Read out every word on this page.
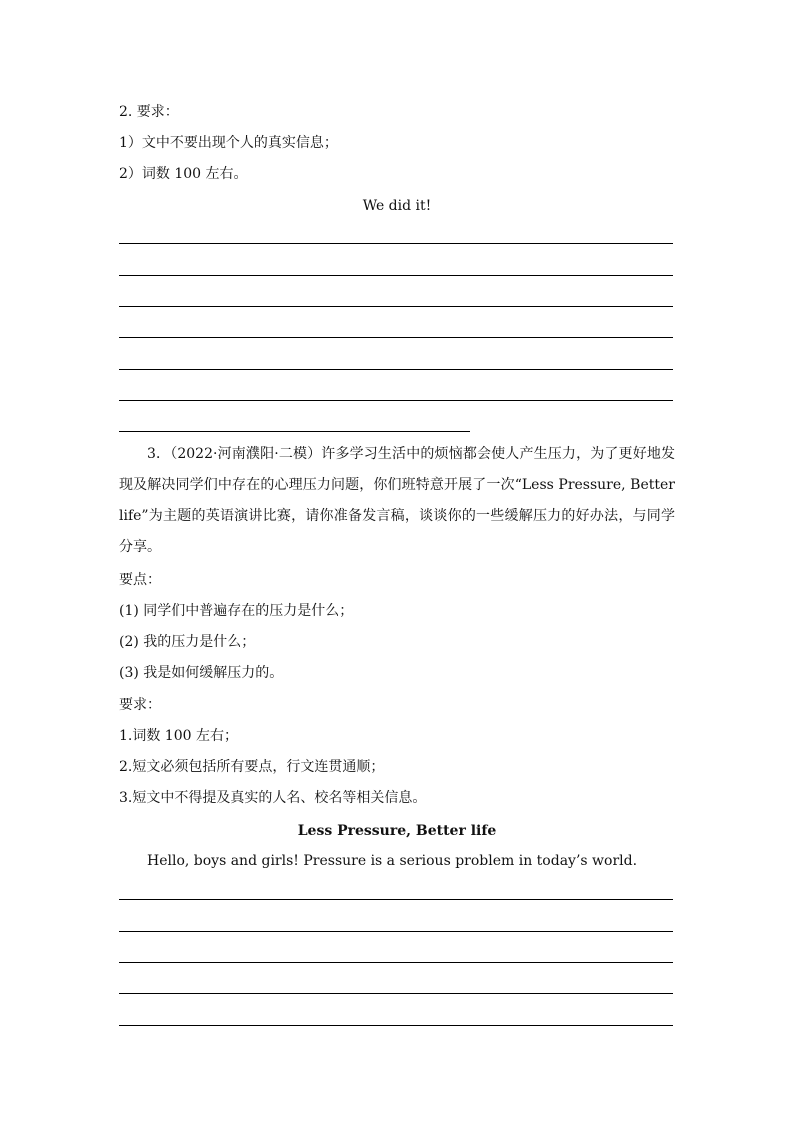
2. 要求：
1）文中不要出现个人的真实信息；
2）词数 100 左右。
We did it!
3．（2022·河南濮阳·二模）许多学习生活中的烦恼都会使人产生压力，为了更好地发现及解决同学们中存在的心理压力问题，你们班特意开展了一次“Less Pressure, Better life”为主题的英语演讲比赛，请你准备发言稿，谈谈你的一些缓解压力的好办法，与同学分享。
要点：
(1) 同学们中普遍存在的压力是什么；
(2) 我的压力是什么；
(3) 我是如何缓解压力的。
要求：
1.词数 100 左右；
2.短文必须包括所有要点，行文连贯通顺；
3.短文中不得提及真实的人名、校名等相关信息。
Less Pressure, Better life
Hello, boys and girls! Pressure is a serious problem in today’s world.
